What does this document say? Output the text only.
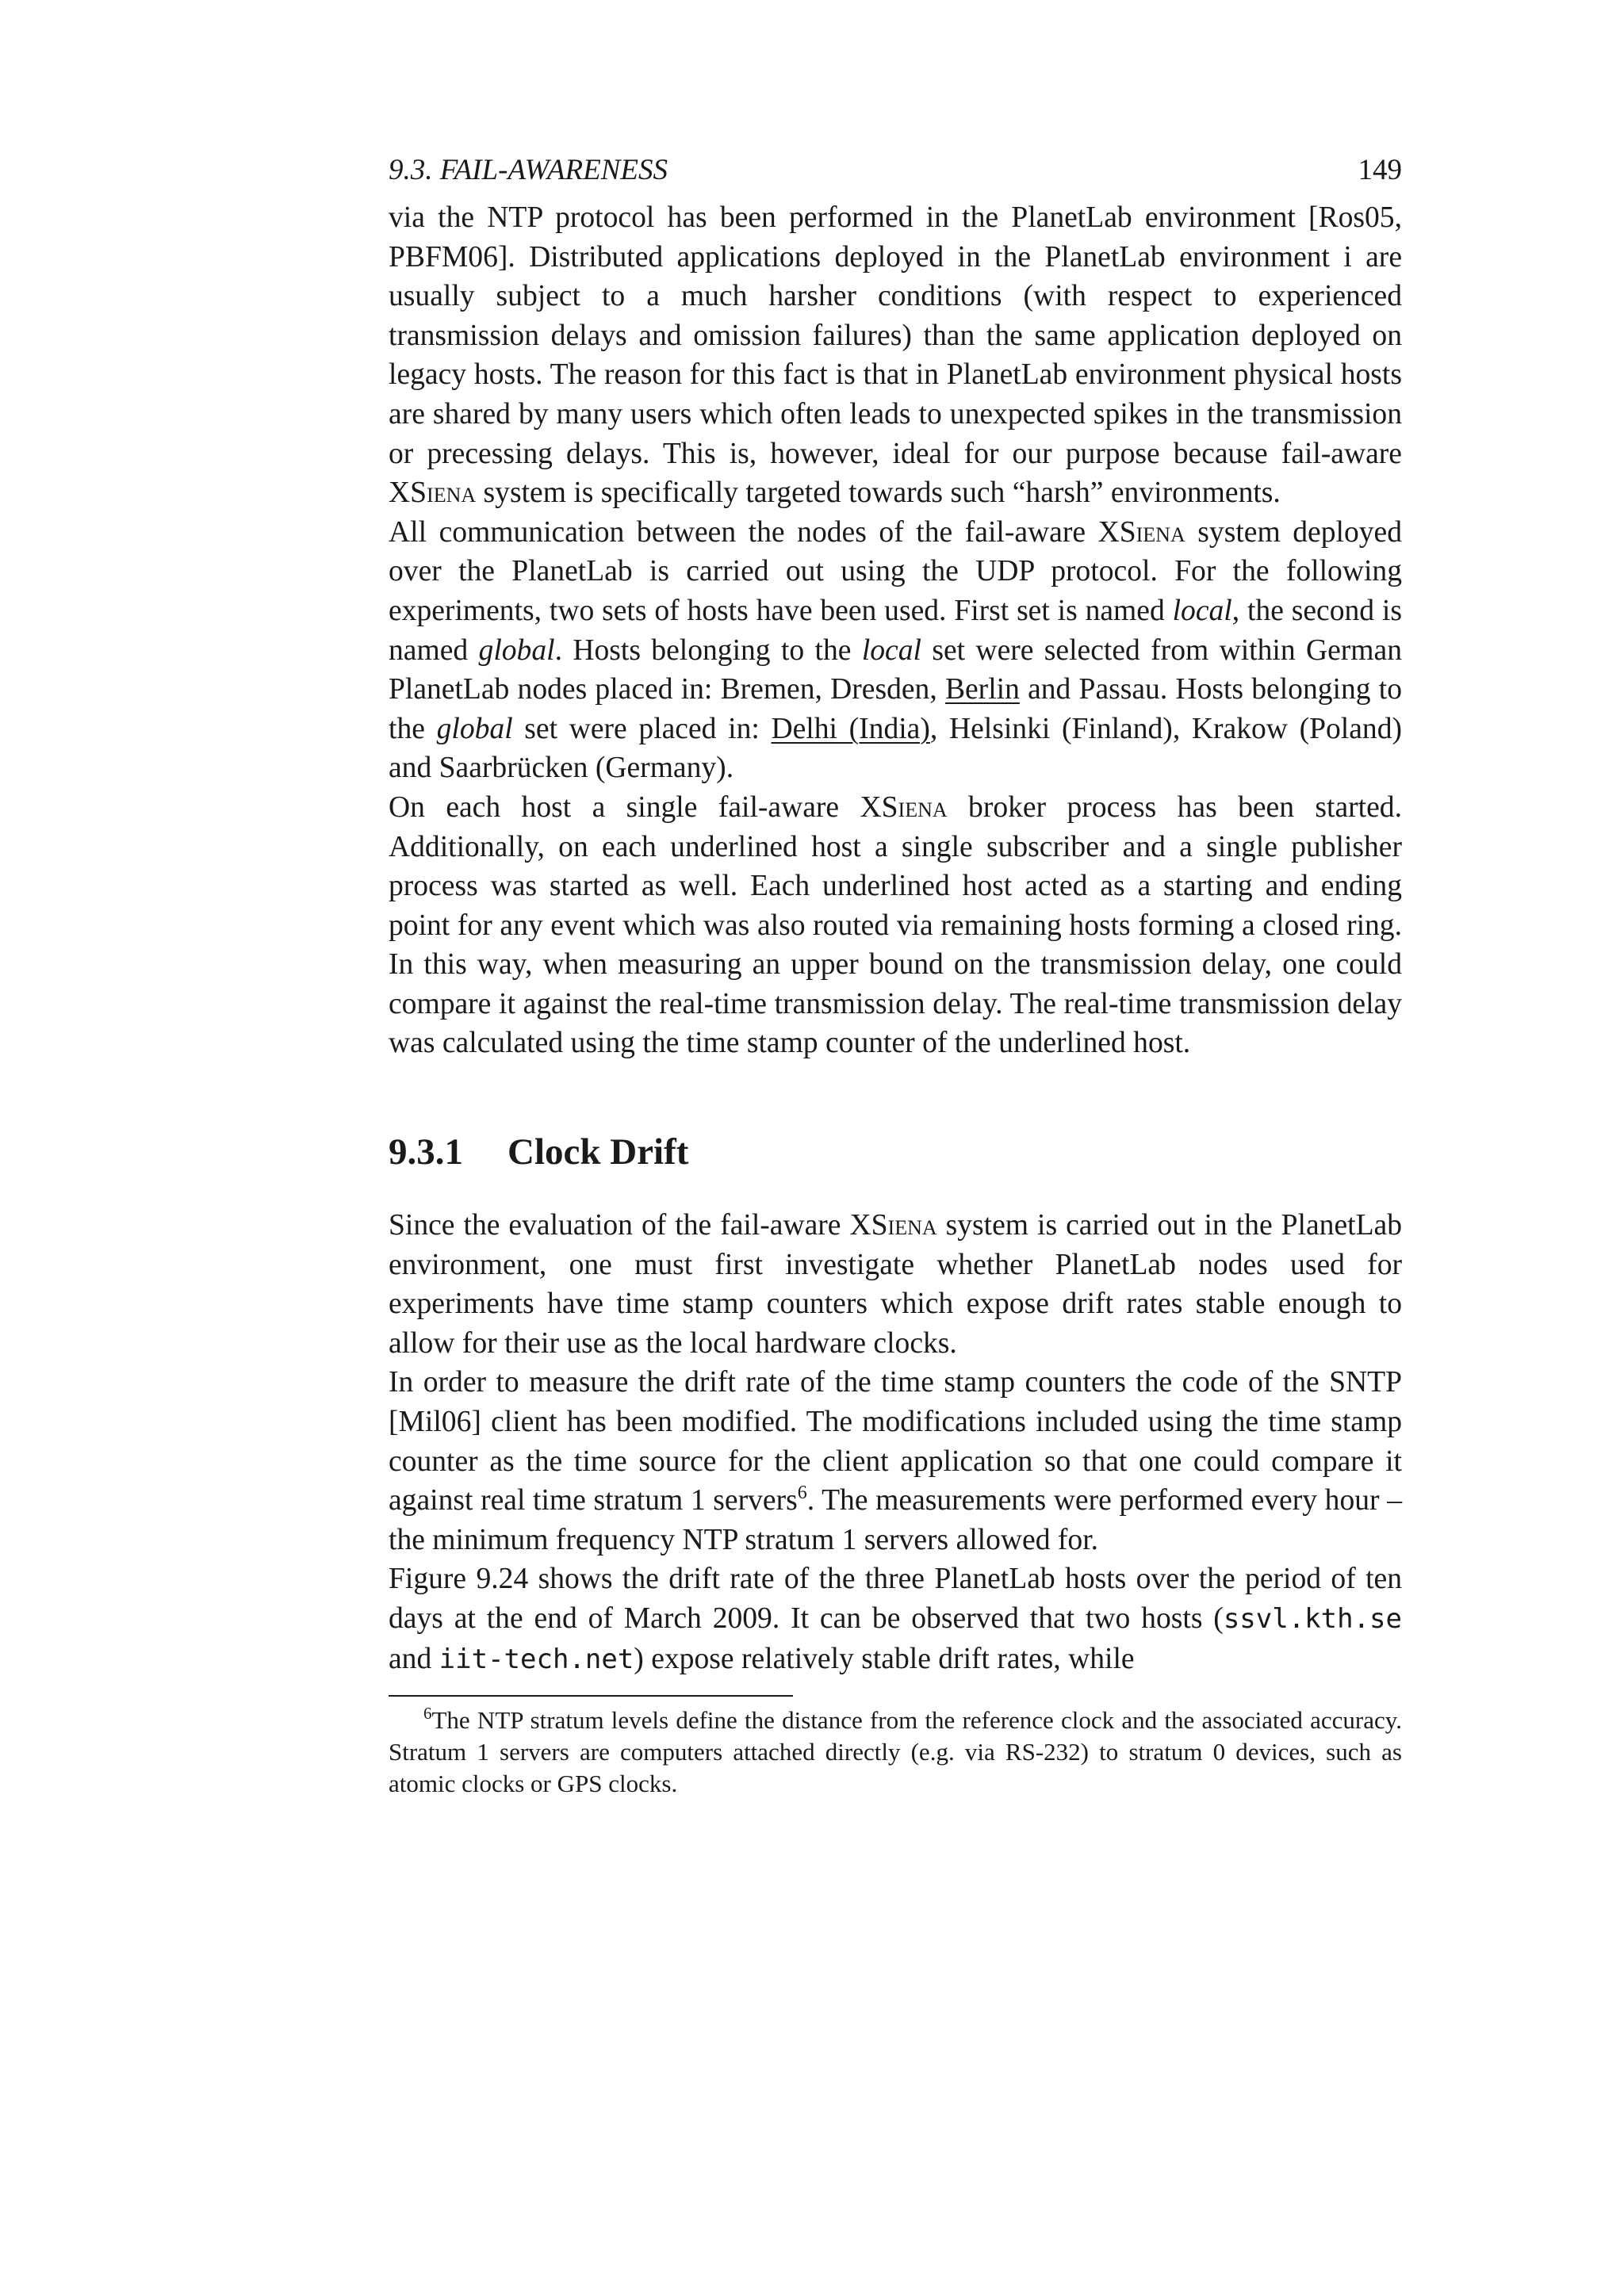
9.3. FAIL-AWARENESS	149

via the NTP protocol has been performed in the PlanetLab environment [Ros05, PBFM06]. Distributed applications deployed in the PlanetLab environment i are usually subject to a much harsher conditions (with respect to experienced transmission delays and omission failures) than the same application deployed on legacy hosts. The reason for this fact is that in PlanetLab environment physical hosts are shared by many users which often leads to unexpected spikes in the transmission or precessing delays. This is, however, ideal for our purpose because fail-aware XSiena system is specifically targeted towards such “harsh” environments.

All communication between the nodes of the fail-aware XSiena system deployed over the PlanetLab is carried out using the UDP protocol. For the following experiments, two sets of hosts have been used. First set is named local, the second is named global. Hosts belonging to the local set were selected from within German PlanetLab nodes placed in: Bremen, Dresden, Berlin and Passau. Hosts belonging to the global set were placed in: Delhi (India), Helsinki (Finland), Krakow (Poland) and Saarbrücken (Germany).

On each host a single fail-aware XSiena broker process has been started. Additionally, on each underlined host a single subscriber and a single publisher process was started as well. Each underlined host acted as a starting and ending point for any event which was also routed via remaining hosts forming a closed ring. In this way, when measuring an upper bound on the transmission delay, one could compare it against the real-time transmission delay. The real-time transmission delay was calculated using the time stamp counter of the underlined host.

9.3.1 Clock Drift

Since the evaluation of the fail-aware XSiena system is carried out in the PlanetLab environment, one must first investigate whether PlanetLab nodes used for experiments have time stamp counters which expose drift rates stable enough to allow for their use as the local hardware clocks.

In order to measure the drift rate of the time stamp counters the code of the SNTP [Mil06] client has been modified. The modifications included using the time stamp counter as the time source for the client application so that one could compare it against real time stratum 1 servers$^6$. The measurements were performed every hour – the minimum frequency NTP stratum 1 servers allowed for.

Figure 9.24 shows the drift rate of the three PlanetLab hosts over the period of ten days at the end of March 2009. It can be observed that two hosts (ssvl.kth.se and iit-tech.net) expose relatively stable drift rates, while

$^6$The NTP stratum levels define the distance from the reference clock and the associated accuracy. Stratum 1 servers are computers attached directly (e.g. via RS-232) to stratum 0 devices, such as atomic clocks or GPS clocks.
